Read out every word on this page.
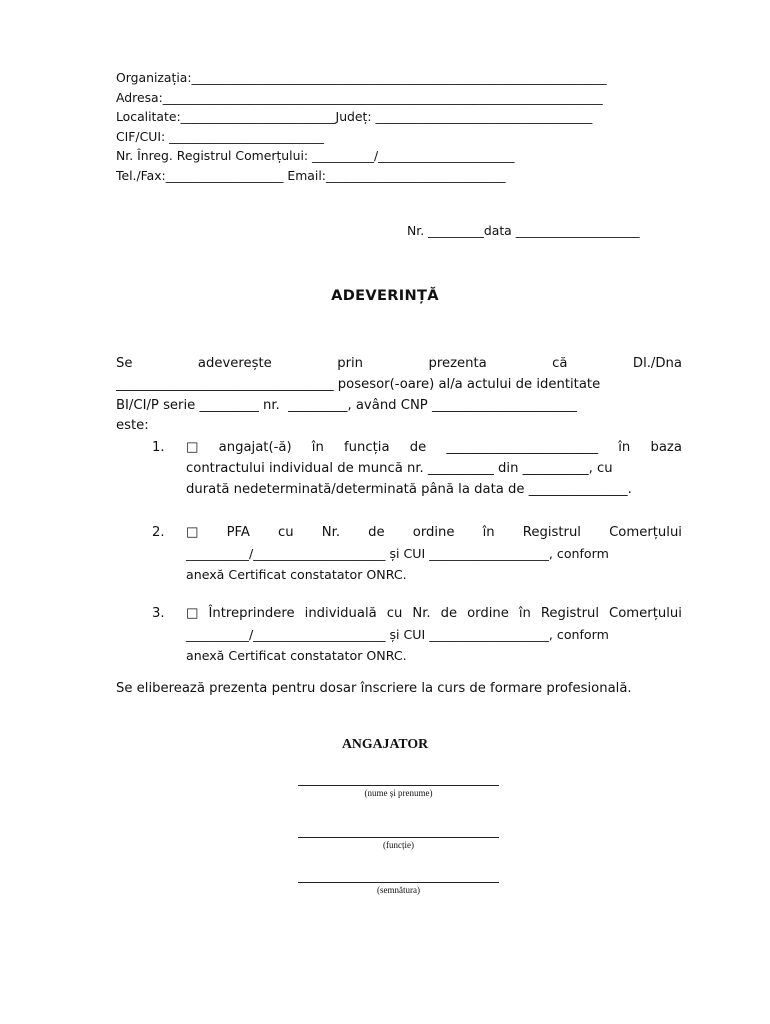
Organizația:___________________________________________________________________
Adresa:_______________________________________________________________________
Localitate:_________________________Județ: ___________________________________
CIF/CUI: _________________________
Nr. Înreg. Registrul Comerțului: __________/______________________
Tel./Fax:___________________ Email:_____________________________
Nr. _________data ____________________
ADEVERINȚĂ
Se	adeverește	prin	prezenta	că	Dl./Dna
_________________________________ posesor(-oare) al/a actului de identitate
BI/CI/P serie _________ nr.  _________, având CNP ______________________
este:
1. □ angajat(-ă) în funcția de _______________________ în baza
contractului individual de muncă nr. __________ din __________, cu
durată nedeterminată/determinată până la data de _______________.
2. □ PFA cu Nr. de ordine în Registrul Comerțului
__________/_____________________ și CUI ___________________, conform
anexă Certificat constatator ONRC.
3. □ Întreprindere individuală cu Nr. de ordine în Registrul Comerțului
__________/_____________________ și CUI ___________________, conform
anexă Certificat constatator ONRC.
Se eliberează prezenta pentru dosar înscriere la curs de formare profesională.
ANGAJATOR
(nume și prenume)
(funcție)
(semnătura)
